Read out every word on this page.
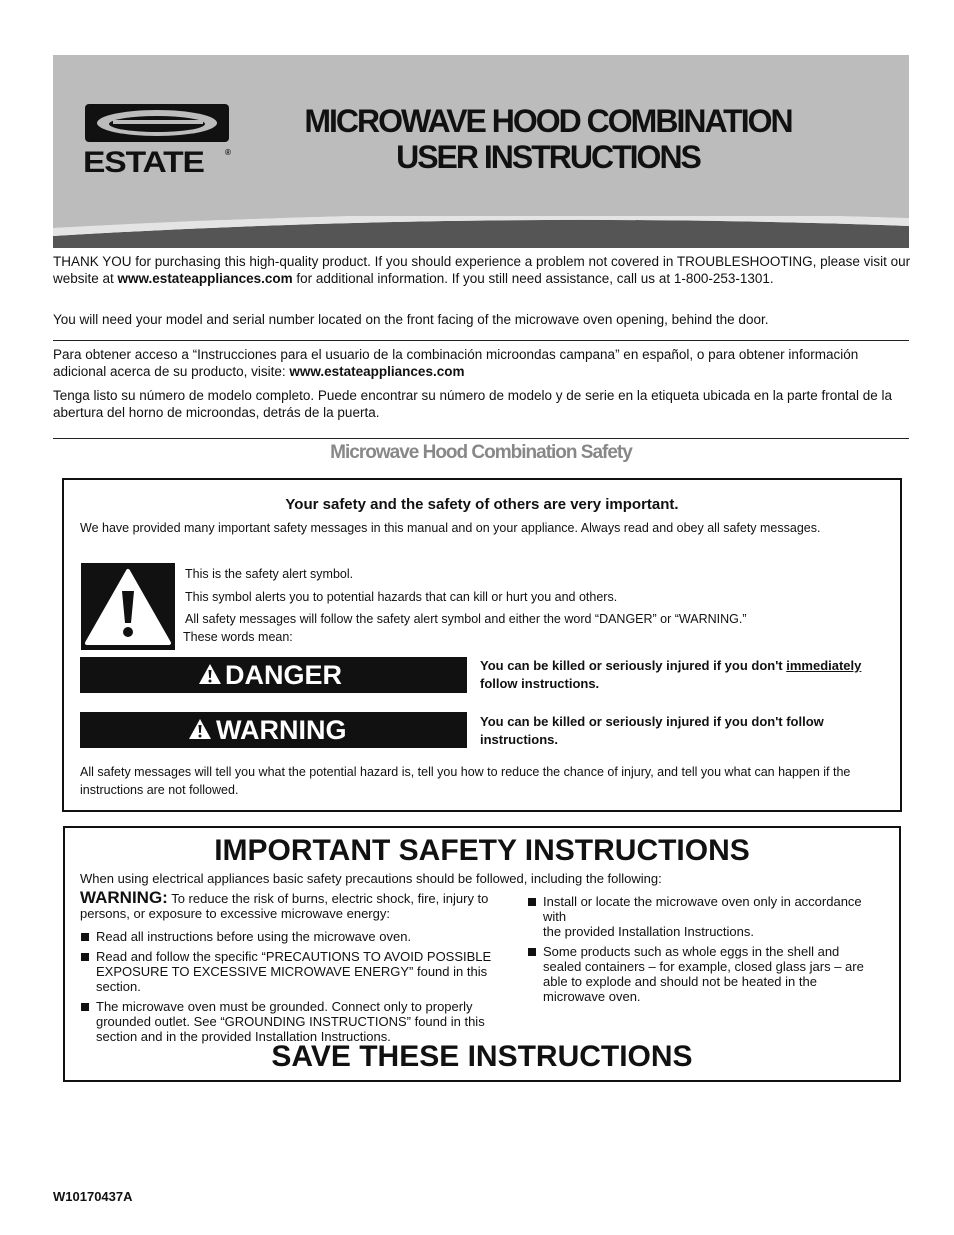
ESTATE	®
MICROWAVE HOOD COMBINATION
USER INSTRUCTIONS
THANK YOU for purchasing this high-quality product. If you should experience a problem not covered in TROUBLESHOOTING, please visit our website at www.estateappliances.com for additional information. If you still need assistance, call us at 1-800-253-1301.
You will need your model and serial number located on the front facing of the microwave oven opening, behind the door.
Para obtener acceso a “Instrucciones para el usuario de la combinación microondas campana” en español, o para obtener información adicional acerca de su producto, visite: www.estateappliances.com
Tenga listo su número de modelo completo. Puede encontrar su número de modelo y de serie en la etiqueta ubicada en la parte frontal de la abertura del horno de microondas, detrás de la puerta.
Microwave Hood Combination Safety
Your safety and the safety of others are very important.
We have provided many important safety messages in this manual and on your appliance. Always read and obey all safety messages.
This is the safety alert symbol.
This symbol alerts you to potential hazards that can kill or hurt you and others.
All safety messages will follow the safety alert symbol and either the word “DANGER” or “WARNING.”
These words mean:
DANGER	You can be killed or seriously injured if you don't immediately follow instructions.
WARNING	You can be killed or seriously injured if you don't follow instructions.
All safety messages will tell you what the potential hazard is, tell you how to reduce the chance of injury, and tell you what can happen if the instructions are not followed.
IMPORTANT SAFETY INSTRUCTIONS
When using electrical appliances basic safety precautions should be followed, including the following:
WARNING: To reduce the risk of burns, electric shock, fire, injury to persons, or exposure to excessive microwave energy:
Read all instructions before using the microwave oven.
Read and follow the specific “PRECAUTIONS TO AVOID POSSIBLE EXPOSURE TO EXCESSIVE MICROWAVE ENERGY” found in this section.
The microwave oven must be grounded. Connect only to properly grounded outlet. See “GROUNDING INSTRUCTIONS” found in this section and in the provided Installation Instructions.
Install or locate the microwave oven only in accordance with
the provided Installation Instructions.
Some products such as whole eggs in the shell and sealed containers – for example, closed glass jars – are able to explode and should not be heated in the microwave oven.
SAVE THESE INSTRUCTIONS
W10170437A
